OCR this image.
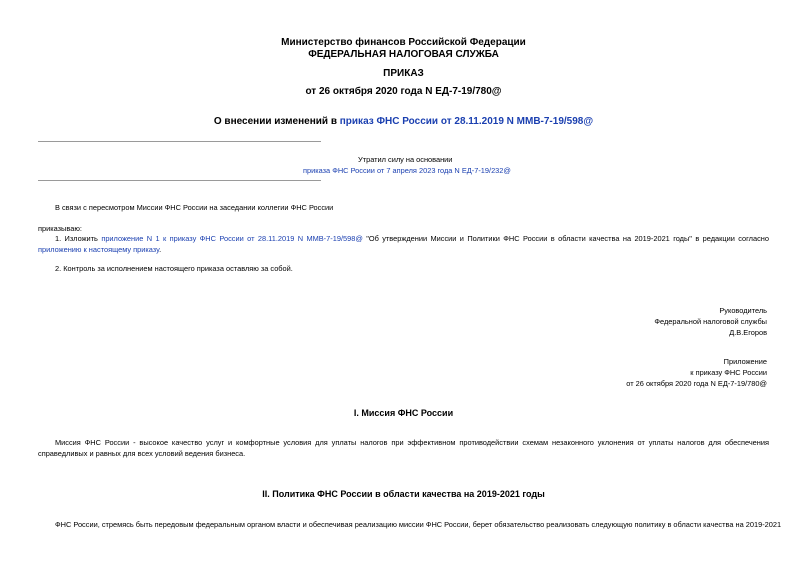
Министерство финансов Российской Федерации
ФЕДЕРАЛЬНАЯ НАЛОГОВАЯ СЛУЖБА
ПРИКАЗ
от 26 октября 2020 года N ЕД-7-19/780@
О внесении изменений в приказ ФНС России от 28.11.2019 N ММВ-7-19/598@
Утратил силу на основании
приказа ФНС России от 7 апреля 2023 года N ЕД-7-19/232@
В связи с пересмотром Миссии ФНС России на заседании коллегии ФНС России
приказываю:
1. Изложить приложение N 1 к приказу ФНС России от 28.11.2019 N ММВ-7-19/598@ "Об утверждении Миссии и Политики ФНС России в области качества на 2019-2021 годы" в редакции согласно приложению к настоящему приказу.
2. Контроль за исполнением настоящего приказа оставляю за собой.
Руководитель
Федеральной налоговой службы
Д.В.Егоров
Приложение
к приказу ФНС России
от 26 октября 2020 года N ЕД-7-19/780@
I. Миссия ФНС России
Миссия ФНС России - высокое качество услуг и комфортные условия для уплаты налогов при эффективном противодействии схемам незаконного уклонения от уплаты налогов для обеспечения справедливых и равных для всех условий ведения бизнеса.
II. Политика ФНС России в области качества на 2019-2021 годы
ФНС России, стремясь быть передовым федеральным органом власти и обеспечивая реализацию миссии ФНС России, берет обязательство реализовать следующую политику в области качества на 2019-2021
